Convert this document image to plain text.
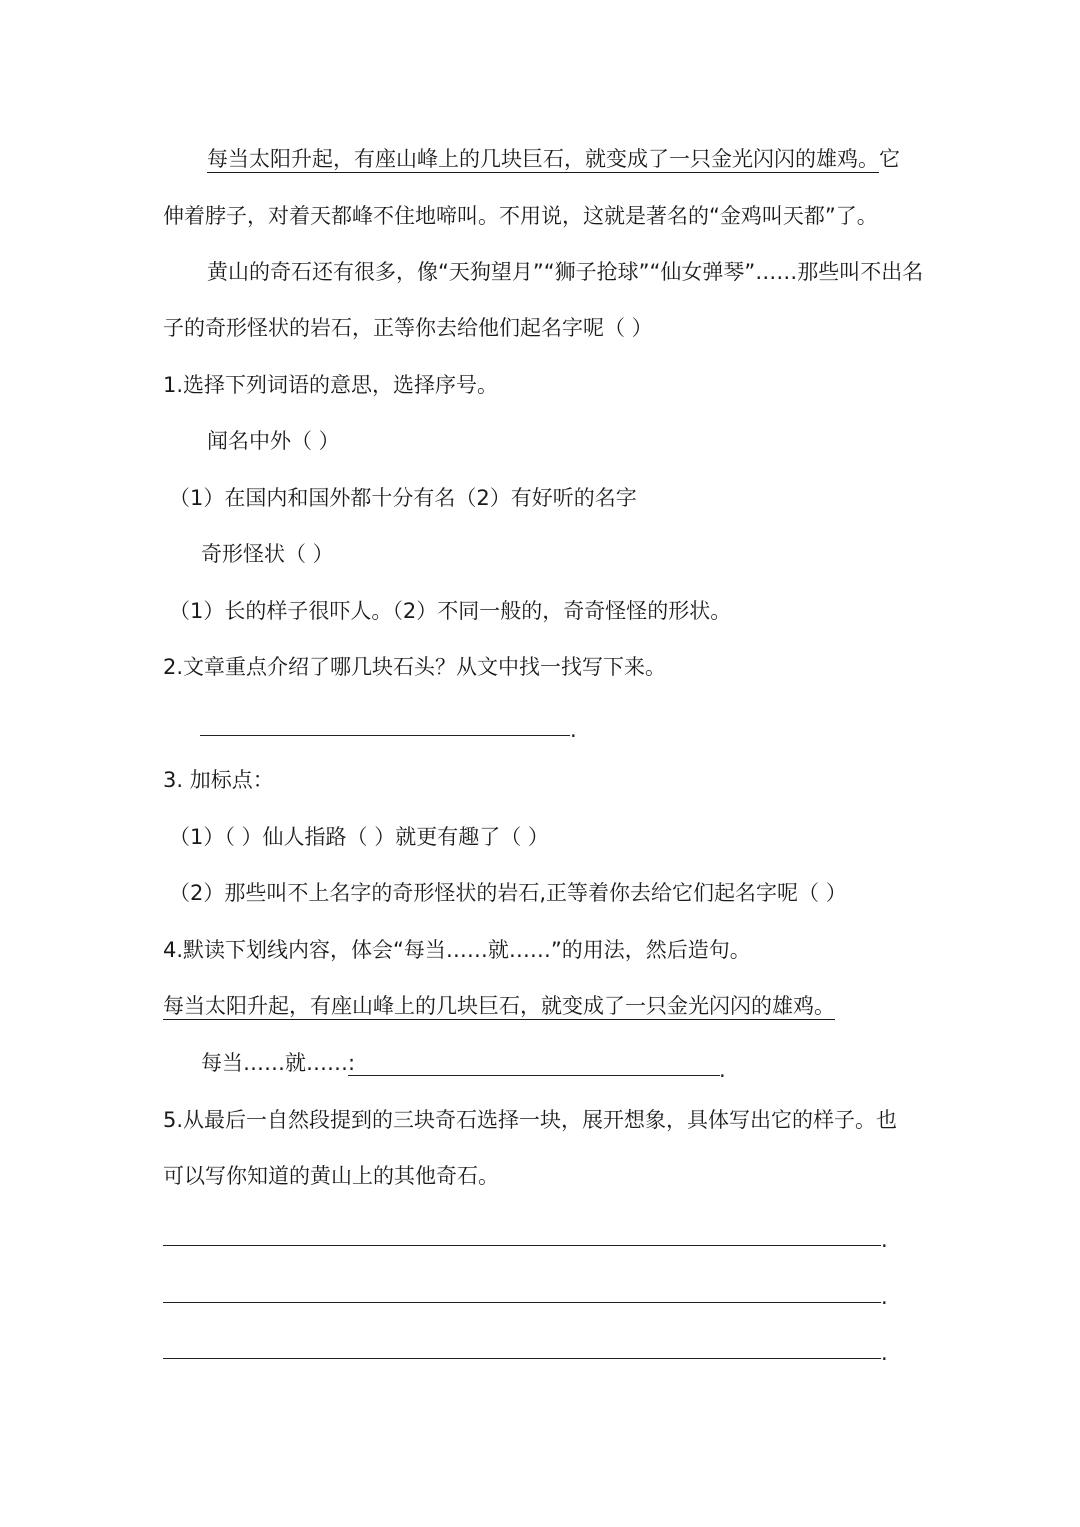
每当太阳升起，有座山峰上的几块巨石，就变成了一只金光闪闪的雄鸡。它
伸着脖子，对着天都峰不住地啼叫。不用说，这就是著名的“金鸡叫天都”了。
黄山的奇石还有很多，像“天狗望月”“狮子抢球”“仙女弹琴”……那些叫不出名
子的奇形怪状的岩石，正等你去给他们起名字呢（ ）
1.选择下列词语的意思，选择序号。
闻名中外（ ）
（1）在国内和国外都十分有名（2）有好听的名字
奇形怪状（ ）
（1）长的样子很吓人。（2）不同一般的，奇奇怪怪的形状。
2.文章重点介绍了哪几块石头？从文中找一找写下来。
.
3. 加标点：
（1）（ ）仙人指路（ ）就更有趣了（ ）
（2）那些叫不上名字的奇形怪状的岩石,正等着你去给它们起名字呢（ ）
4.默读下划线内容，体会“每当……就……”的用法，然后造句。
每当太阳升起，有座山峰上的几块巨石，就变成了一只金光闪闪的雄鸡。
每当……就……:	.
5.从最后一自然段提到的三块奇石选择一块，展开想象，具体写出它的样子。也
可以写你知道的黄山上的其他奇石。
.
.
.
